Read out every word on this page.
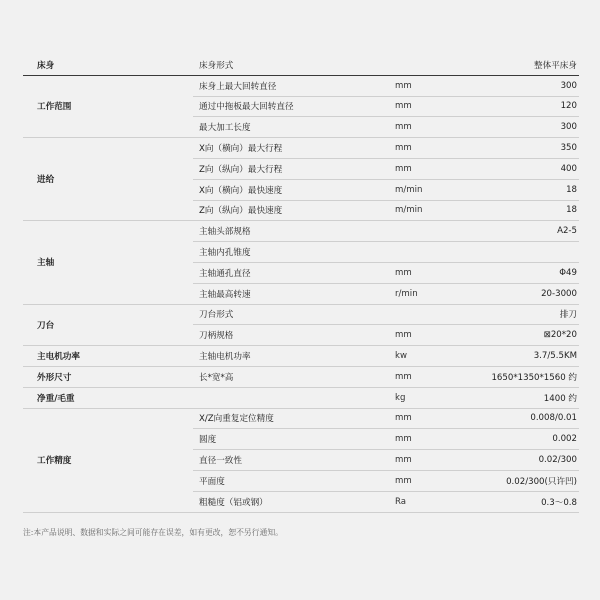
床身	床身形式		整体平床身
工作范围	床身上最大回转直径	mm	300
	通过中拖板最大回转直径	mm	120
	最大加工长度	mm	300
进给	X向（横向）最大行程	mm	350
	Z向（纵向）最大行程	mm	400
	X向（横向）最快速度	m/min	18
	Z向（纵向）最快速度	m/min	18
主轴	主轴头部规格		A2-5
	主轴内孔锥度		
	主轴通孔直径	mm	Φ49
	主轴最高转速	r/min	20-3000
刀台	刀台形式		排刀
	刀柄规格	mm	⊠20*20
主电机功率	主轴电机功率	kw	3.7/5.5KM
外形尺寸	长*宽*高	mm	1650*1350*1560 约
净重/毛重		kg	1400 约
工作精度	X/Z向重复定位精度	mm	0.008/0.01
	圆度	mm	0.002
	直径一致性	mm	0.02/300
	平面度	mm	0.02/300(只许凹)
	粗糙度（铝或钢）	Ra	0.3～0.8
注:本产品说明、数据和实际之间可能存在误差，如有更改，恕不另行通知。
